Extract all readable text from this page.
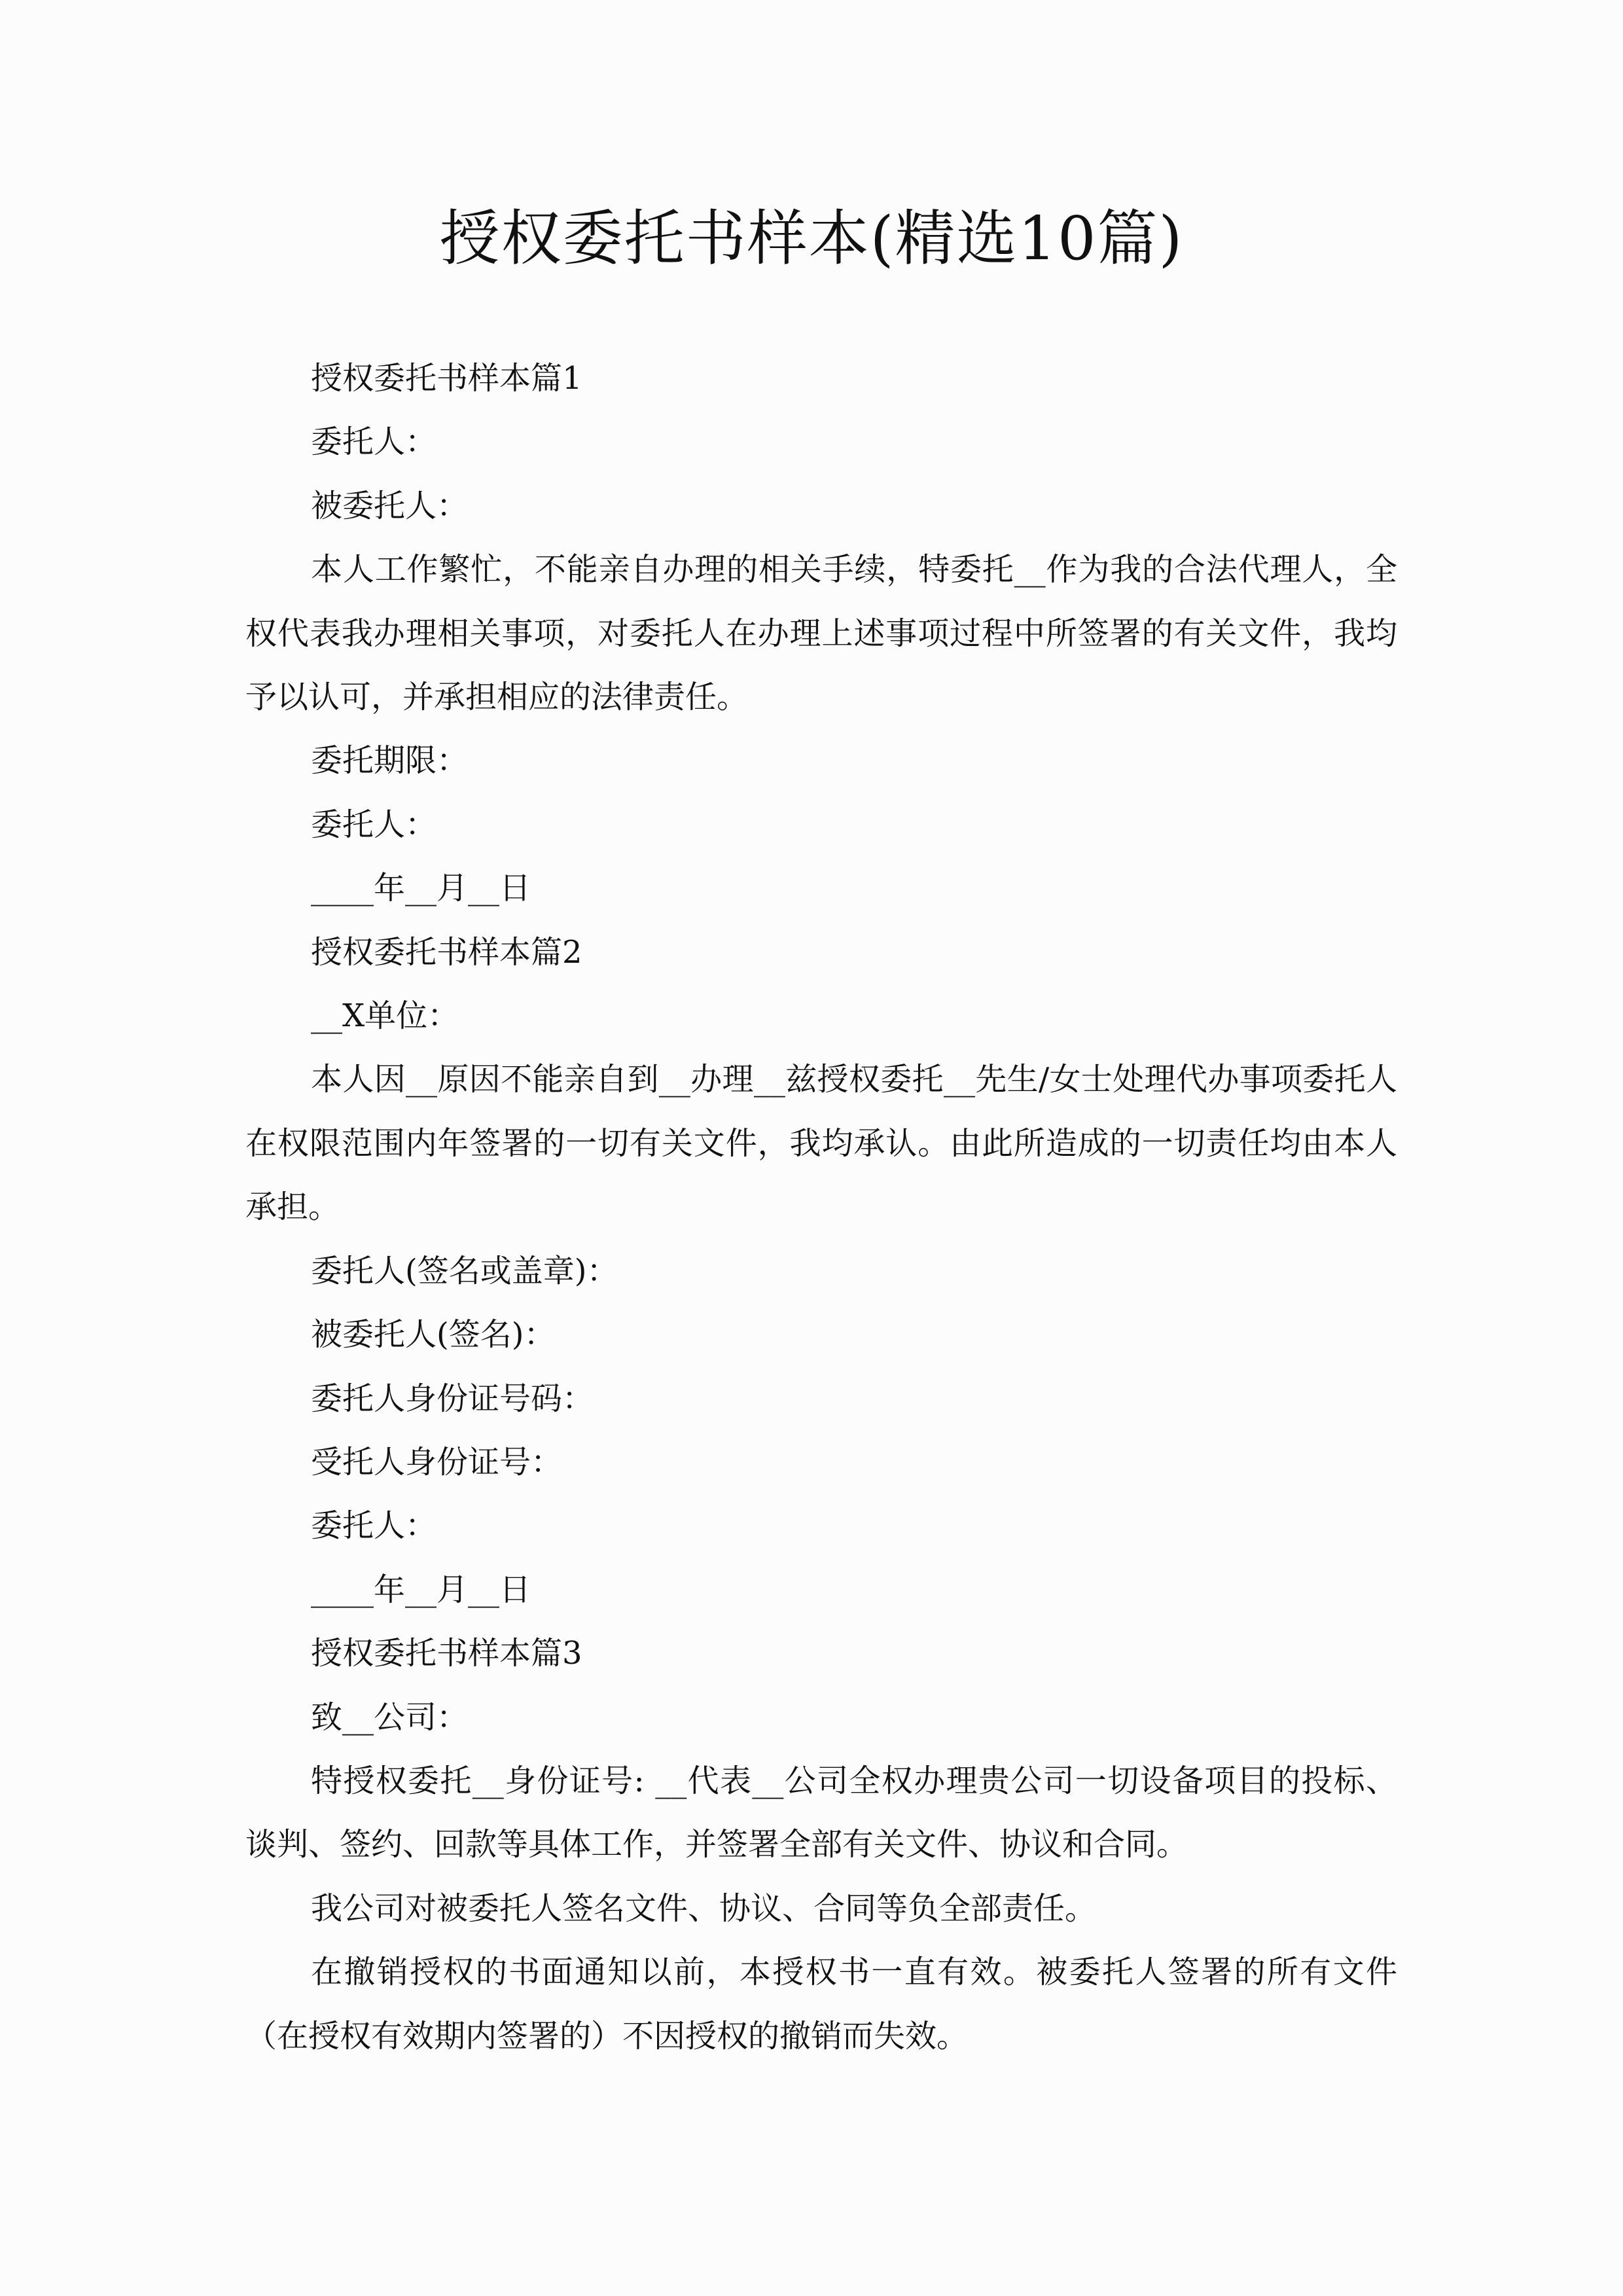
授权委托书样本(精选10篇)

授权委托书样本篇1

委托人：

被委托人：

本人工作繁忙，不能亲自办理的相关手续，特委托__作为我的合法代理人，全权代表我办理相关事项，对委托人在办理上述事项过程中所签署的有关文件，我均予以认可，并承担相应的法律责任。

委托期限：

委托人：

____年__月__日

授权委托书样本篇2

__X单位：

本人因__原因不能亲自到__办理__兹授权委托__先生/女士处理代办事项委托人在权限范围内年签署的一切有关文件，我均承认。由此所造成的一切责任均由本人承担。

委托人(签名或盖章)：

被委托人(签名)：

委托人身份证号码：

受托人身份证号：

委托人：

____年__月__日

授权委托书样本篇3

致__公司：

特授权委托__身份证号: __代表__公司全权办理贵公司一切设备项目的投标、谈判、签约、回款等具体工作，并签署全部有关文件、协议和合同。

我公司对被委托人签名文件、协议、合同等负全部责任。

在撤销授权的书面通知以前，本授权书一直有效。被委托人签署的所有文件（在授权有效期内签署的）不因授权的撤销而失效。
